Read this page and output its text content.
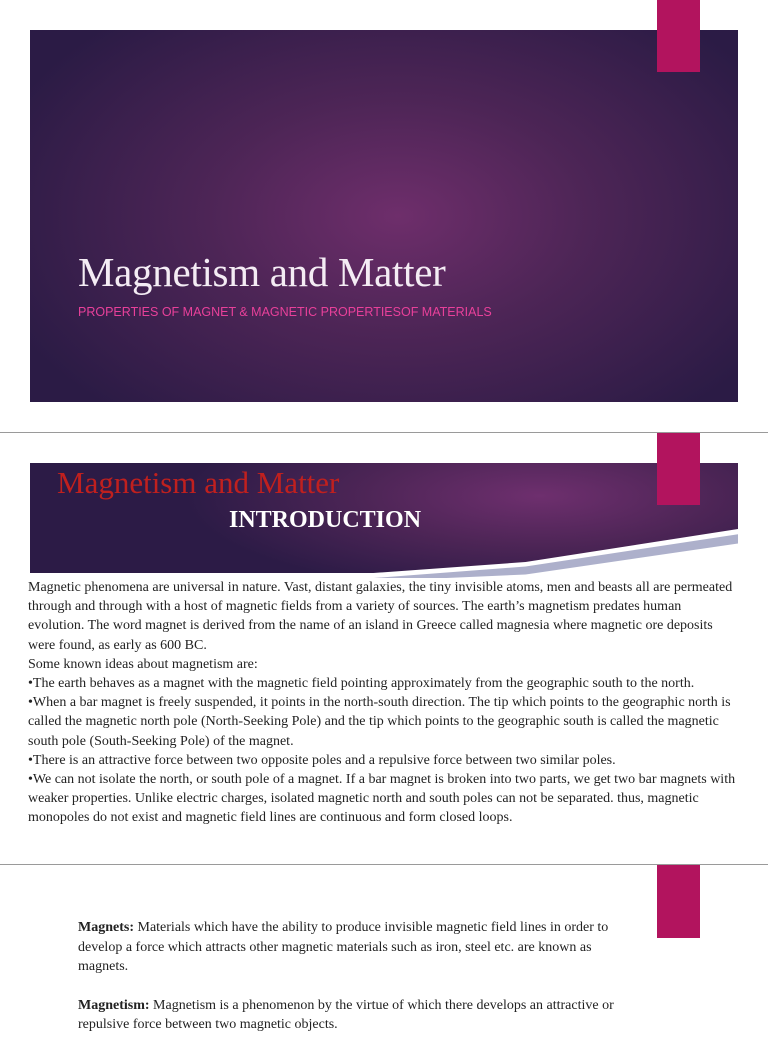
Magnetism and Matter

PROPERTIES OF MAGNET & MAGNETIC PROPERTIESOF MATERIALS

Magnetism and Matter
INTRODUCTION

Magnetic phenomena are universal in nature. Vast, distant galaxies, the tiny invisible atoms, men and beasts all are permeated through and through with a host of magnetic fields from a variety of sources. The earth’s magnetism predates human evolution. The word magnet is derived from the name of an island in Greece called magnesia where magnetic ore deposits were found, as early as 600 BC.

Some known ideas about magnetism are:

•The earth behaves as a magnet with the magnetic field pointing approximately from the geographic south to the north.

•When a bar magnet is freely suspended, it points in the north-south direction. The tip which points to the geographic north is called the magnetic north pole (North-Seeking Pole) and the tip which points to the geographic south is called the magnetic south pole (South-Seeking Pole) of the magnet.

•There is an attractive force between two opposite poles and a repulsive force between two similar poles.

•We can not isolate the north, or south pole of a magnet. If a bar magnet is broken into two parts, we get two bar magnets with weaker properties. Unlike electric charges, isolated magnetic north and south poles can not be separated. thus, magnetic monopoles do not exist and magnetic field lines are continuous and form closed loops.

Magnets: Materials which have the ability to produce invisible magnetic field lines in order to develop a force which attracts other magnetic materials such as iron, steel etc. are known as magnets.

Magnetism: Magnetism is a phenomenon by the virtue of which there develops an attractive or repulsive force between two magnetic objects.
